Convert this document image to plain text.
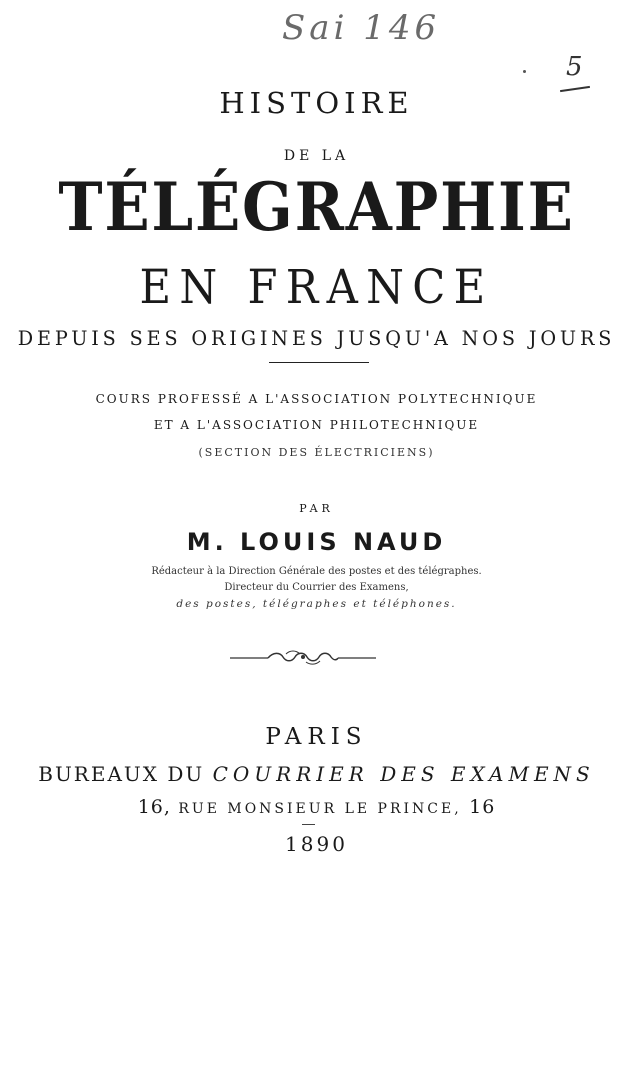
Sai 146
5
HISTOIRE
DE LA
TÉLÉGRAPHIE
EN FRANCE
DEPUIS SES ORIGINES JUSQU'A NOS JOURS
COURS PROFESSÉ A L'ASSOCIATION POLYTECHNIQUE
ET A L'ASSOCIATION PHILOTECHNIQUE
(SECTION DES ÉLECTRICIENS)
PAR
M. LOUIS NAUD
Rédacteur à la Direction Générale des postes et des télégraphes.
Directeur du Courrier des Examens,
des postes, télégraphes et téléphones.
PARIS
BUREAUX DU COURRIER DES EXAMENS
16, RUE MONSIEUR LE PRINCE, 16
1890
